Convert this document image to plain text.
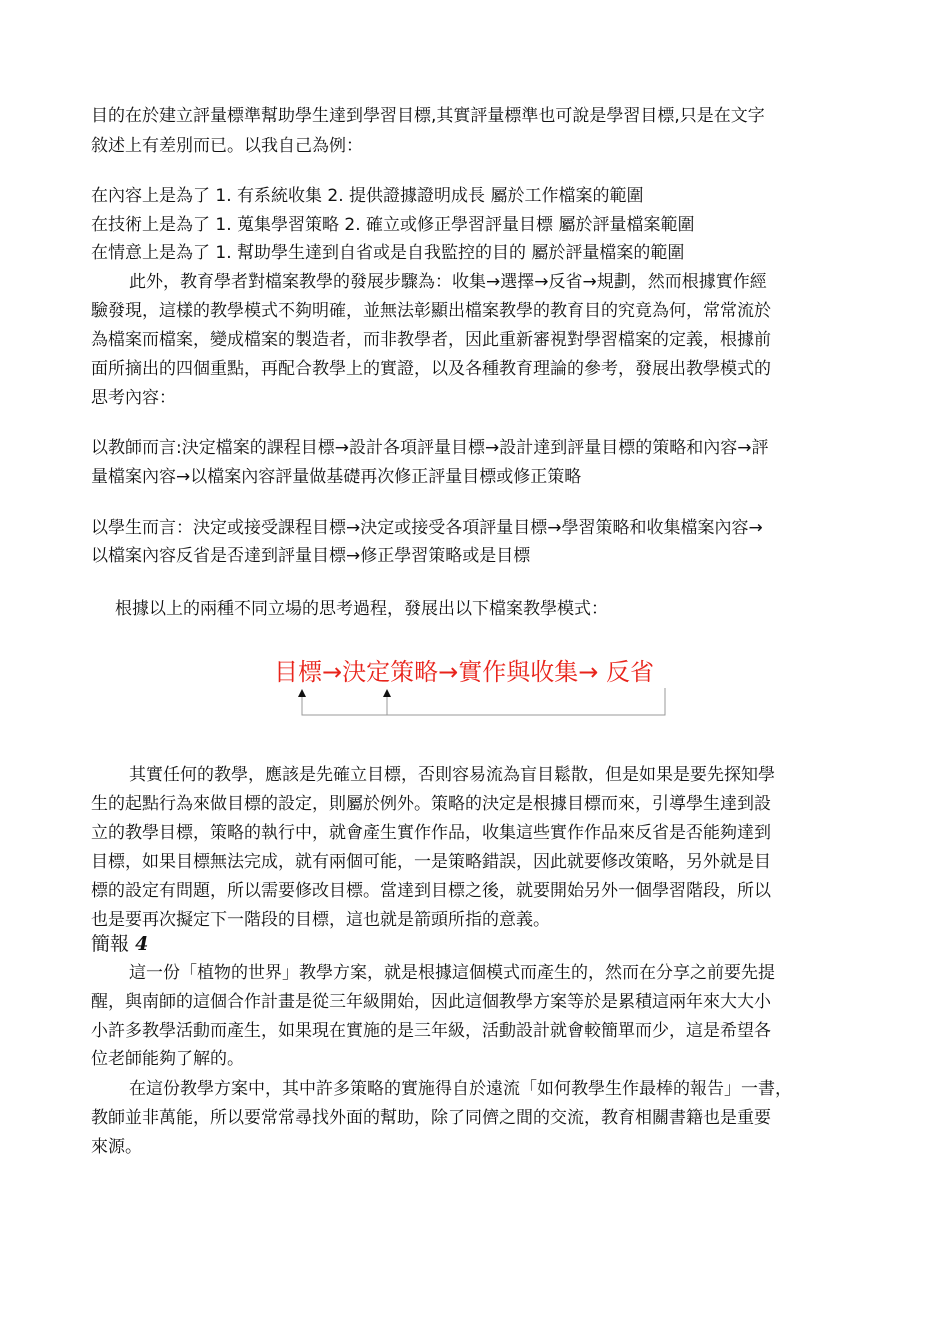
目的在於建立評量標準幫助學生達到學習目標,其實評量標準也可說是學習目標,只是在文字

敘述上有差別而已。以我自己為例：

在內容上是為了 1. 有系統收集 2. 提供證據證明成長 屬於工作檔案的範圍

在技術上是為了 1. 蒐集學習策略 2. 確立或修正學習評量目標 屬於評量檔案範圍

在情意上是為了 1. 幫助學生達到自省或是自我監控的目的 屬於評量檔案的範圍

此外，教育學者對檔案教學的發展步驟為：收集→選擇→反省→規劃，然而根據實作經

驗發現，這樣的教學模式不夠明確，並無法彰顯出檔案教學的教育目的究竟為何，常常流於

為檔案而檔案，變成檔案的製造者，而非教學者，因此重新審視對學習檔案的定義，根據前

面所摘出的四個重點，再配合教學上的實證，以及各種教育理論的參考，發展出教學模式的

思考內容：

以教師而言:決定檔案的課程目標→設計各項評量目標→設計達到評量目標的策略和內容→評

量檔案內容→以檔案內容評量做基礎再次修正評量目標或修正策略

以學生而言：決定或接受課程目標→決定或接受各項評量目標→學習策略和收集檔案內容→

以檔案內容反省是否達到評量目標→修正學習策略或是目標

根據以上的兩種不同立場的思考過程，發展出以下檔案教學模式：

目標→決定策略→實作與收集→ 反省

其實任何的教學，應該是先確立目標，否則容易流為盲目鬆散，但是如果是要先探知學

生的起點行為來做目標的設定，則屬於例外。策略的決定是根據目標而來，引導學生達到設

立的教學目標，策略的執行中，就會產生實作作品，收集這些實作作品來反省是否能夠達到

目標，如果目標無法完成，就有兩個可能，一是策略錯誤，因此就要修改策略，另外就是目

標的設定有問題，所以需要修改目標。當達到目標之後，就要開始另外一個學習階段，所以

也是要再次擬定下一階段的目標，這也就是箭頭所指的意義。

簡報 4

這一份「植物的世界」教學方案，就是根據這個模式而產生的，然而在分享之前要先提

醒，與南師的這個合作計畫是從三年級開始，因此這個教學方案等於是累積這兩年來大大小

小許多教學活動而產生，如果現在實施的是三年級，活動設計就會較簡單而少，這是希望各

位老師能夠了解的。

在這份教學方案中，其中許多策略的實施得自於遠流「如何教學生作最棒的報告」一書，

教師並非萬能，所以要常常尋找外面的幫助，除了同儕之間的交流，教育相關書籍也是重要

來源。
